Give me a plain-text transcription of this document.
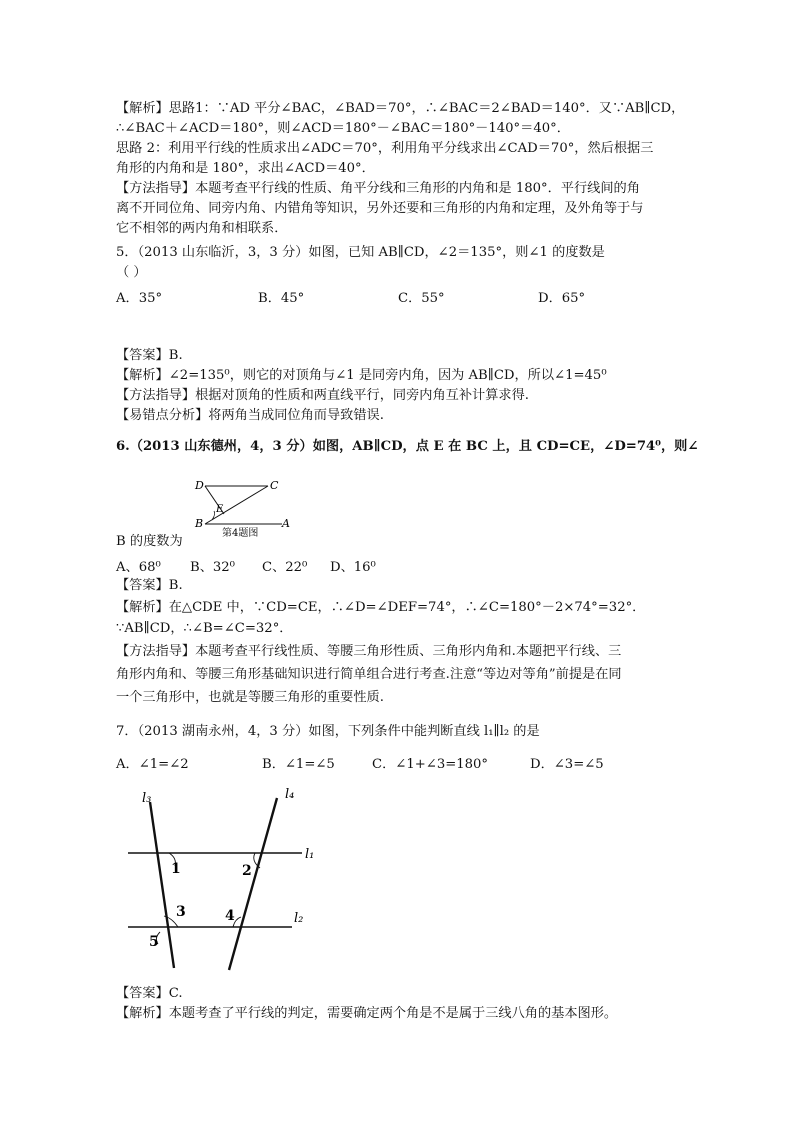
【解析】思路1：∵AD 平分∠BAC，∠BAD＝70°，∴∠BAC＝2∠BAD＝140°．又∵AB∥CD，
∴∠BAC＋∠ACD＝180°，则∠ACD＝180°－∠BAC＝180°－140°＝40°．
思路 2：利用平行线的性质求出∠ADC＝70°，利用角平分线求出∠CAD＝70°，然后根据三
角形的内角和是 180°，求出∠ACD＝40°．
【方法指导】本题考查平行线的性质、角平分线和三角形的内角和是 180°．平行线间的角
离不开同位角、同旁内角、内错角等知识，另外还要和三角形的内角和定理，及外角等于与
它不相邻的两内角和相联系．
5．（2013 山东临沂，3，3 分）如图，已知 AB∥CD，∠2＝135°，则∠1 的度数是
（ ）
A．35°	B．45°	C．55°	D．65°
【答案】B.
【解析】∠2=135⁰，则它的对顶角与∠1 是同旁内角，因为 AB∥CD，所以∠1=45⁰
【方法指导】根据对顶角的性质和两直线平行，同旁内角互补计算求得.
【易错点分析】将两角当成同位角而导致错误.
6.（2013 山东德州，4，3 分）如图，AB∥CD，点 E 在 BC 上，且 CD=CE，∠D=74⁰，则∠
D	C
E
B	A
第4题图
B 的度数为
A、68⁰ B、32⁰ C、22⁰ D、16⁰
【答案】B.
【解析】在△CDE 中，∵CD=CE，∴∠D=∠DEF=74°，∴∠C=180°－2×74°=32°．
∵AB∥CD，∴∠B=∠C=32°．
【方法指导】本题考查平行线性质、等腰三角形性质、三角形内角和.本题把平行线、三
角形内角和、等腰三角形基础知识进行简单组合进行考查.注意“等边对等角”前提是在同
一个三角形中，也就是等腰三角形的重要性质.
7．（2013 湖南永州，4，3 分）如图，下列条件中能判断直线 l₁∥l₂ 的是
A．∠1=∠2	B．∠1=∠5	C．∠1+∠3=180°	D．∠3=∠5
l₃	l₄
l₁
l₂
1	2
3	4
5
【答案】C.
【解析】本题考查了平行线的判定，需要确定两个角是不是属于三线八角的基本图形。
